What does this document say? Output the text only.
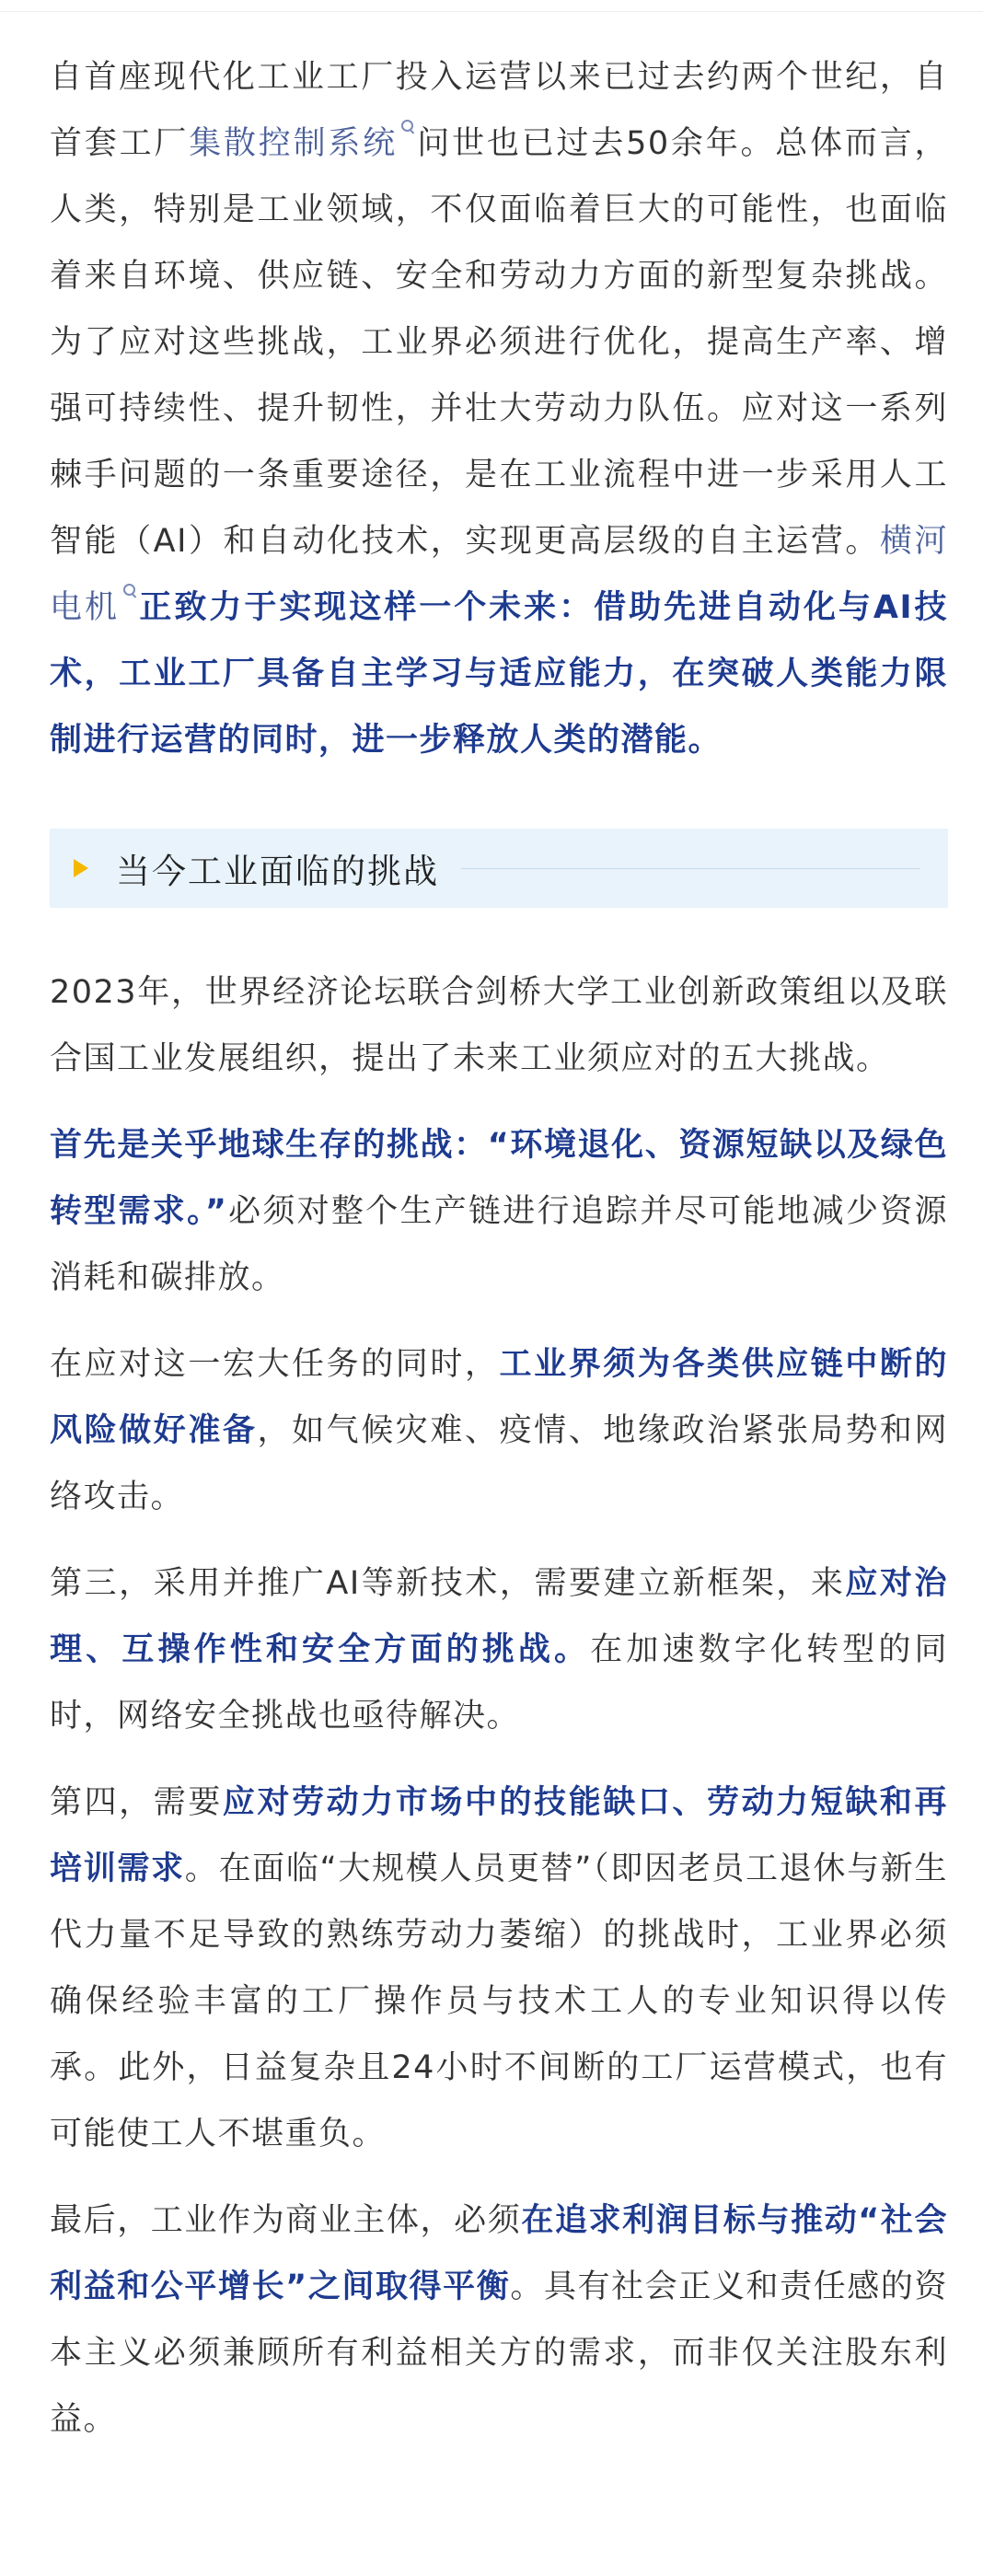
自首座现代化工业工厂投入运营以来已过去约两个世纪，自首套工厂集散控制系统 问世也已过去50余年。总体而言，人类，特别是工业领域，不仅面临着巨大的可能性，也面临着来自环境、供应链、安全和劳动力方面的新型复杂挑战。为了应对这些挑战，工业界必须进行优化，提高生产率、增强可持续性、提升韧性，并壮大劳动力队伍。应对这一系列棘手问题的一条重要途径，是在工业流程中进一步采用人工智能（AI）和自动化技术，实现更高层级的自主运营。横河电机 正致力于实现这样一个未来：借助先进自动化与AI技术，工业工厂具备自主学习与适应能力，在突破人类能力限制进行运营的同时，进一步释放人类的潜能。

当今工业面临的挑战

2023年，世界经济论坛联合剑桥大学工业创新政策组以及联合国工业发展组织，提出了未来工业须应对的五大挑战。

首先是关乎地球生存的挑战：“环境退化、资源短缺以及绿色转型需求。”必须对整个生产链进行追踪并尽可能地减少资源消耗和碳排放。

在应对这一宏大任务的同时，工业界须为各类供应链中断的风险做好准备，如气候灾难、疫情、地缘政治紧张局势和网络攻击。

第三，采用并推广AI等新技术，需要建立新框架，来应对治理、互操作性和安全方面的挑战。在加速数字化转型的同时，网络安全挑战也亟待解决。

第四，需要应对劳动力市场中的技能缺口、劳动力短缺和再培训需求。在面临“大规模人员更替”（即因老员工退休与新生代力量不足导致的熟练劳动力萎缩）的挑战时，工业界必须确保经验丰富的工厂操作员与技术工人的专业知识得以传承。此外，日益复杂且24小时不间断的工厂运营模式，也有可能使工人不堪重负。

最后，工业作为商业主体，必须在追求利润目标与推动“社会利益和公平增长”之间取得平衡。具有社会正义和责任感的资本主义必须兼顾所有利益相关方的需求，而非仅关注股东利益。
